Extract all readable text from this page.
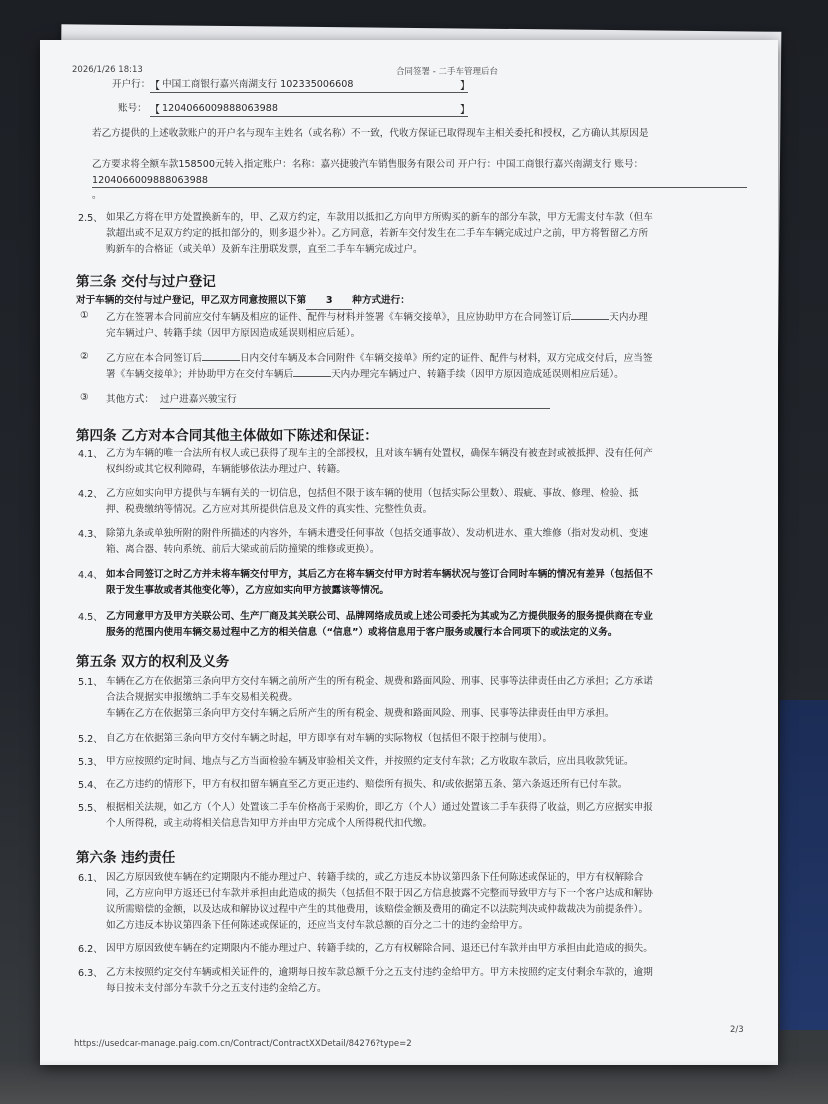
2026/1/26 18:13	合同签署 - 二手车管理后台
开户行： 【 中国工商银行嘉兴南湖支行 102335006608	】
账号： 【 1204066009888063988	】
若乙方提供的上述收款账户的开户名与现车主姓名（或名称）不一致，代收方保证已取得现车主相关委托和授权，乙方确认其原因是
乙方要求将全额车款158500元转入指定账户：名称：嘉兴捷骏汽车销售服务有限公司 开户行：中国工商银行嘉兴南湖支行 账号：1204066009888063988
。
2.5、 如果乙方将在甲方处置换新车的，甲、乙双方约定，车款用以抵扣乙方向甲方所购买的新车的部分车款，甲方无需支付车款（但车
款超出或不足双方约定的抵扣部分的，则多退少补）。乙方同意，若新车交付发生在二手车车辆完成过户之前，甲方将暂留乙方所
购新车的合格证（或关单）及新车注册联发票，直至二手车车辆完成过户。
第三条 交付与过户登记
对于车辆的交付与过户登记，甲乙双方同意按照以下第 3 种方式进行：
① 乙方在签署本合同前应交付车辆及相应的证件、配件与材料并签署《车辆交接单》，且应协助甲方在合同签订后	天内办理
完车辆过户、转籍手续（因甲方原因造成延误则相应后延）。
② 乙方应在本合同签订后	日内交付车辆及本合同附件《车辆交接单》所约定的证件、配件与材料，双方完成交付后，应当签
署《车辆交接单》；并协助甲方在交付车辆后	天内办理完车辆过户、转籍手续（因甲方原因造成延误则相应后延）。
③ 其他方式： 过户进嘉兴骏宝行
第四条 乙方对本合同其他主体做如下陈述和保证：
4.1、 乙方为车辆的唯一合法所有权人或已获得了现车主的全部授权，且对该车辆有处置权，确保车辆没有被查封或被抵押、没有任何产
权纠纷或其它权利障碍，车辆能够依法办理过户、转籍。
4.2、 乙方应如实向甲方提供与车辆有关的一切信息，包括但不限于该车辆的使用（包括实际公里数）、瑕疵、事故、修理、检验、抵
押、税费缴纳等情况。乙方应对其所提供信息及文件的真实性、完整性负责。
4.3、 除第九条或单独所附的附件所描述的内容外，车辆未遭受任何事故（包括交通事故）、发动机进水、重大维修（指对发动机、变速
箱、离合器、转向系统、前后大梁或前后防撞梁的维修或更换）。
4.4、 如本合同签订之时乙方并未将车辆交付甲方，其后乙方在将车辆交付甲方时若车辆状况与签订合同时车辆的情况有差异（包括但不
限于发生事故或者其他变化等），乙方应如实向甲方披露该等情况。
4.5、 乙方同意甲方及甲方关联公司、生产厂商及其关联公司、品牌网络成员或上述公司委托为其或为乙方提供服务的服务提供商在专业
服务的范围内使用车辆交易过程中乙方的相关信息（“信息”）或将信息用于客户服务或履行本合同项下的或法定的义务。
第五条 双方的权利及义务
5.1、 车辆在乙方在依据第三条向甲方交付车辆之前所产生的所有税金、规费和路面风险、刑事、民事等法律责任由乙方承担；乙方承诺
合法合规据实申报缴纳二手车交易相关税费。
车辆在乙方在依据第三条向甲方交付车辆之后所产生的所有税金、规费和路面风险、刑事、民事等法律责任由甲方承担。
5.2、 自乙方在依据第三条向甲方交付车辆之时起，甲方即享有对车辆的实际物权（包括但不限于控制与使用）。
5.3、 甲方应按照约定时间、地点与乙方当面检验车辆及审验相关文件，并按照约定支付车款；乙方收取车款后，应出具收款凭证。
5.4、 在乙方违约的情形下，甲方有权扣留车辆直至乙方更正违约、赔偿所有损失、和/或依据第五条、第六条返还所有已付车款。
5.5、 根据相关法规，如乙方（个人）处置该二手车价格高于采购价，即乙方（个人）通过处置该二手车获得了收益，则乙方应据实申报
个人所得税，或主动将相关信息告知甲方并由甲方完成个人所得税代扣代缴。
第六条 违约责任
6.1、 因乙方原因致使车辆在约定期限内不能办理过户、转籍手续的，或乙方违反本协议第四条下任何陈述或保证的，甲方有权解除合
同，乙方应向甲方返还已付车款并承担由此造成的损失（包括但不限于因乙方信息披露不完整而导致甲方与下一个客户达成和解协
议所需赔偿的金额，以及达成和解协议过程中产生的其他费用，该赔偿金额及费用的确定不以法院判决或仲裁裁决为前提条件）。
如乙方违反本协议第四条下任何陈述或保证的，还应当支付车款总额的百分之二十的违约金给甲方。
6.2、 因甲方原因致使车辆在约定期限内不能办理过户、转籍手续的，乙方有权解除合同、退还已付车款并由甲方承担由此造成的损失。
6.3、 乙方未按照约定交付车辆或相关证件的，逾期每日按车款总额千分之五支付违约金给甲方。甲方未按照约定支付剩余车款的，逾期
每日按未支付部分车款千分之五支付违约金给乙方。
https://usedcar-manage.paig.com.cn/Contract/ContractXXDetail/84276?type=2
2/3
